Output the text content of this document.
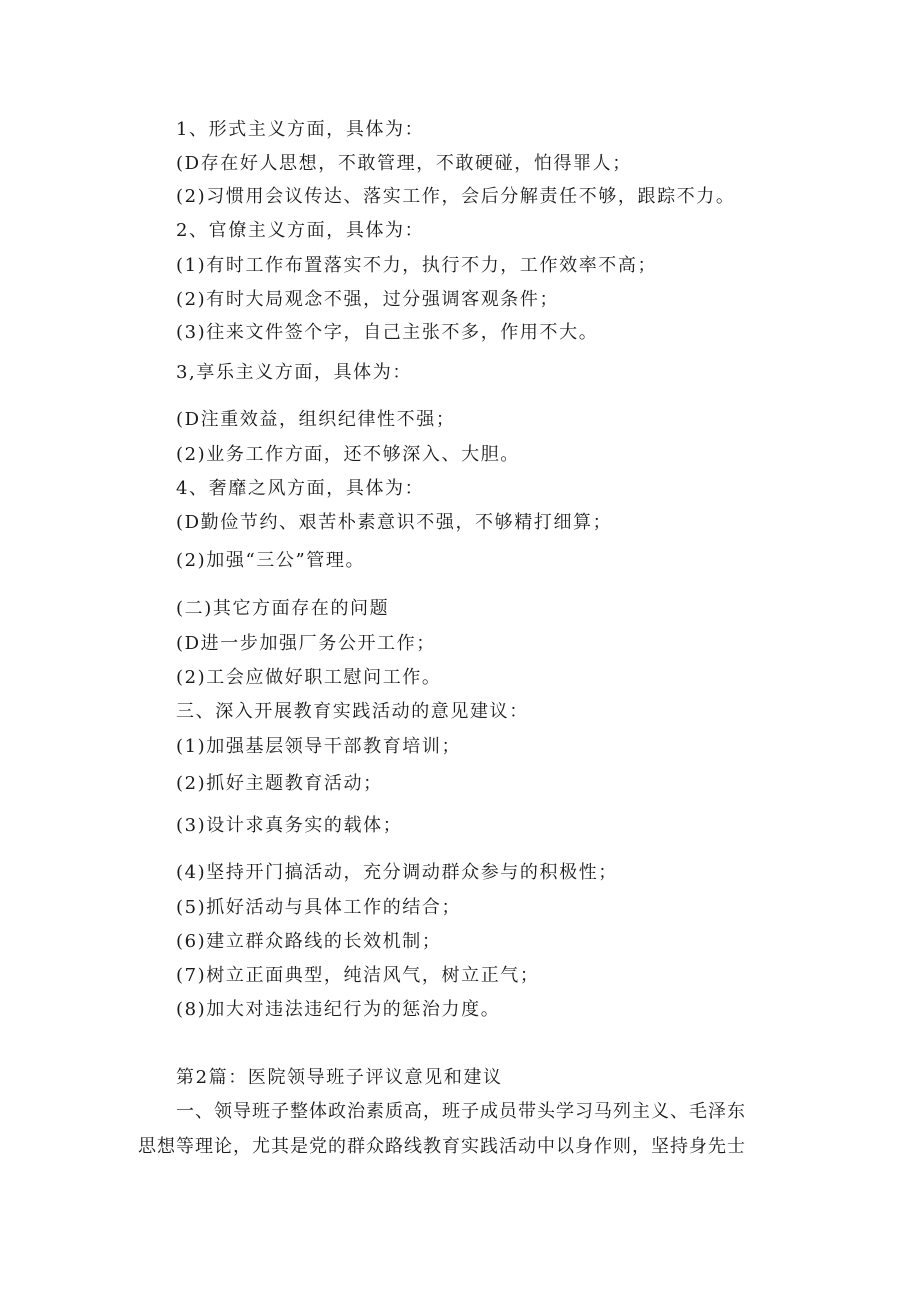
1、形式主义方面，具体为：
(D存在好人思想，不敢管理，不敢硬碰，怕得罪人；
(2)习惯用会议传达、落实工作，会后分解责任不够，跟踪不力。
2、官僚主义方面，具体为：
(1)有时工作布置落实不力，执行不力，工作效率不高；
(2)有时大局观念不强，过分强调客观条件；
(3)往来文件签个字，自己主张不多，作用不大。
3,享乐主义方面，具体为：
(D注重效益，组织纪律性不强；
(2)业务工作方面，还不够深入、大胆。
4、奢靡之风方面，具体为：
(D勤俭节约、艰苦朴素意识不强，不够精打细算；
(2)加强“三公”管理。
(二)其它方面存在的问题
(D进一步加强厂务公开工作；
(2)工会应做好职工慰问工作。
三、深入开展教育实践活动的意见建议：
(1)加强基层领导干部教育培训；
(2)抓好主题教育活动；
(3)设计求真务实的载体；
(4)坚持开门搞活动，充分调动群众参与的积极性；
(5)抓好活动与具体工作的结合；
(6)建立群众路线的长效机制；
(7)树立正面典型，纯洁风气，树立正气；
(8)加大对违法违纪行为的惩治力度。
第2篇：医院领导班子评议意见和建议
一、领导班子整体政治素质高，班子成员带头学习马列主义、毛泽东
思想等理论，尤其是党的群众路线教育实践活动中以身作则，坚持身先士
